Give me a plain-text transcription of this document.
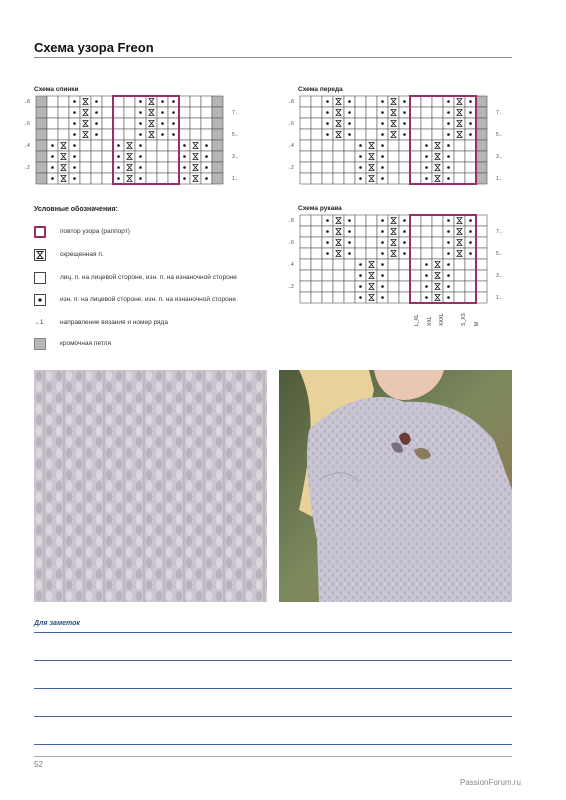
Схема узора Freon
Схема спинки
→8
→6
→4
→2
7←
5←
3←
1←
Схема переда
→8
→6
→4
→2
7←
5←
3←
1←
Схема рукава
→8
→6
→4
→2
7←
5←
3←
1←
L_XL XXL XXXL	S_XS M
Условные обозначения:
повтор узора (раппорт)
скрещенная п.
лиц. п. на лицевой стороне, изн. п. на изнаночной стороне
изн. п. на лицевой стороне, изн. п. на изнаночной стороне
→1	направление вязания и номер ряда
кромочная петля
Для заметок
52
PassionForum.ru
